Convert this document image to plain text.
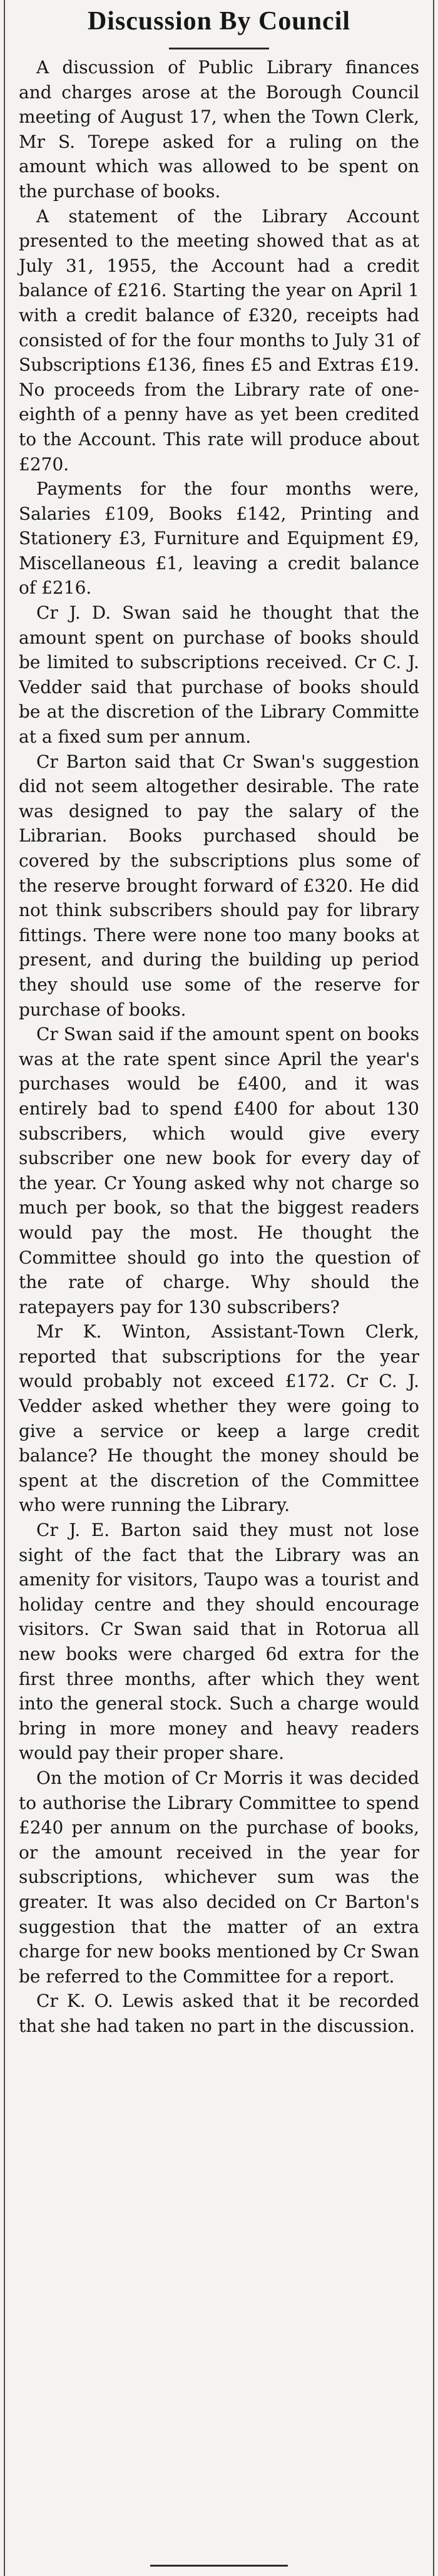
Discussion By Council

A discussion of Public Library finances and charges arose at the Borough Council meeting of August 17, when the Town Clerk, Mr S. Torepe asked for a ruling on the amount which was allowed to be spent on the purchase of books.

A statement of the Library Account presented to the meeting showed that as at July 31, 1955, the Account had a credit balance of £216. Starting the year on April 1 with a credit balance of £320, receipts had consisted of for the four months to July 31 of Subscriptions £136, fines £5 and Extras £19. No proceeds from the Library rate of one-eighth of a penny have as yet been credited to the Account. This rate will produce about £270.

Payments for the four months were, Salaries £109, Books £142, Printing and Stationery £3, Furniture and Equipment £9, Miscellaneous £1, leaving a credit balance of £216.

Cr J. D. Swan said he thought that the amount spent on purchase of books should be limited to subscriptions received. Cr C. J. Vedder said that purchase of books should be at the discretion of the Library Committe at a fixed sum per annum.

Cr Barton said that Cr Swan's suggestion did not seem altogether desirable. The rate was designed to pay the salary of the Librarian. Books purchased should be covered by the subscriptions plus some of the reserve brought forward of £320. He did not think subscribers should pay for library fittings. There were none too many books at present, and during the building up period they should use some of the reserve for purchase of books.

Cr Swan said if the amount spent on books was at the rate spent since April the year's purchases would be £400, and it was entirely bad to spend £400 for about 130 subscribers, which would give every subscriber one new book for every day of the year. Cr Young asked why not charge so much per book, so that the biggest readers would pay the most. He thought the Committee should go into the question of the rate of charge. Why should the ratepayers pay for 130 subscribers?

Mr K. Winton, Assistant-Town Clerk, reported that subscriptions for the year would probably not exceed £172. Cr C. J. Vedder asked whether they were going to give a service or keep a large credit balance? He thought the money should be spent at the discretion of the Committee who were running the Library.

Cr J. E. Barton said they must not lose sight of the fact that the Library was an amenity for visitors, Taupo was a tourist and holiday centre and they should encourage visitors. Cr Swan said that in Rotorua all new books were charged 6d extra for the first three months, after which they went into the general stock. Such a charge would bring in more money and heavy readers would pay their proper share.

On the motion of Cr Morris it was decided to authorise the Library Committee to spend £240 per annum on the purchase of books, or the amount received in the year for subscriptions, whichever sum was the greater. It was also decided on Cr Barton's suggestion that the matter of an extra charge for new books mentioned by Cr Swan be referred to the Committee for a report.

Cr K. O. Lewis asked that it be recorded that she had taken no part in the discussion.
